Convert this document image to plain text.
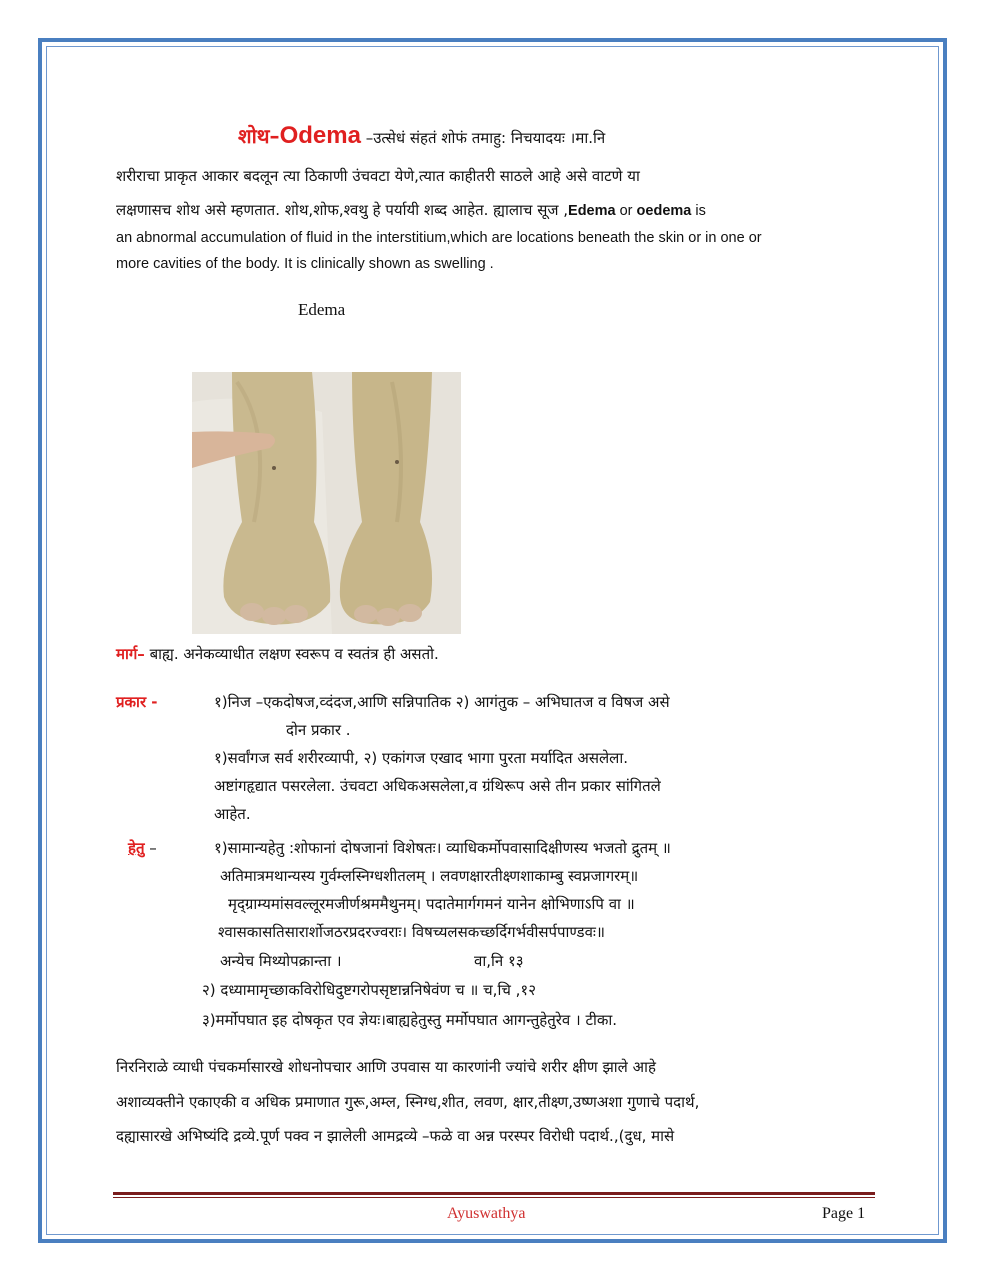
शोथ–Odema –उत्सेधं संहतं शोफं तमाहु: निचयादयः ।मा.नि
शरीराचा प्राकृत आकार बदलून त्या ठिकाणी उंचवटा येणे,त्यात काहीतरी साठले आहे असे वाटणे या
लक्षणासच शोथ असे म्हणतात. शोथ,शोफ,श्वथु हे पर्यायी शब्द आहेत. ह्यालाच सूज ,Edema or oedema is
an abnormal accumulation of fluid in the interstitium,which are locations beneath the skin or in one or
more cavities of the body. It is clinically shown as swelling .
Edema
मार्ग– बाह्य. अनेकव्याधीत लक्षण स्वरूप व स्वतंत्र ही असतो.
प्रकार -	१)निज –एकदोषज,व्दंदज,आणि सन्निपातिक २) आगंतुक – अभिघातज व विषज असे
दोन प्रकार .
१)सर्वांगज सर्व शरीरव्यापी, २) एकांगज एखाद भागा पुरता मर्यादित असलेला.
अष्टांगहृद्यात पसरलेला. उंचवटा अधिकअसलेला,व ग्रंथिरूप असे तीन प्रकार सांगितले
आहेत.
हेतु –	१)सामान्यहेतु :शोफानां दोषजानां विशेषतः। व्याधिकर्मोपवासादिक्षीणस्य भजतो द्रुतम् ॥
अतिमात्रमथान्यस्य गुर्वम्लस्निग्धशीतलम् । लवणक्षारतीक्ष्णशाकाम्बु स्वप्नजागरम्॥
मृद्ग्राम्यमांसवल्लूरमजीर्णश्रममैथुनम्। पदातेमार्गगमनं यानेन क्षोभिणाऽपि वा ॥
श्वासकासतिसारार्शोजठरप्रदरज्वराः। विषच्यलसकच्छर्दिगर्भवीसर्पपाण्डवः॥
अन्येच मिथ्योपक्रान्ता ।	वा,नि १३
२) दध्यामामृच्छाकविरोधिदुष्टगरोपसृष्टान्ननिषेवंण च ॥ च,चि ,१२
३)मर्मोपघात इह दोषकृत एव ज्ञेयः।बाह्यहेतुस्तु मर्मोपघात आगन्तुहेतुरेव । टीका.
निरनिराळे व्याधी पंचकर्मासारखे शोधनोपचार आणि उपवास या कारणांनी ज्यांचे शरीर क्षीण झाले आहे
अशाव्यक्तीने एकाएकी व अधिक प्रमाणात गुरू,अम्ल, स्निग्ध,शीत, लवण, क्षार,तीक्ष्ण,उष्णअशा गुणाचे पदार्थ,
दह्यासारखे अभिष्यंदि द्रव्ये.पूर्ण पक्व न झालेली आमद्रव्ये –फळे वा अन्न परस्पर विरोधी पदार्थ.,(दुध, मासे
Ayuswathya	Page 1
